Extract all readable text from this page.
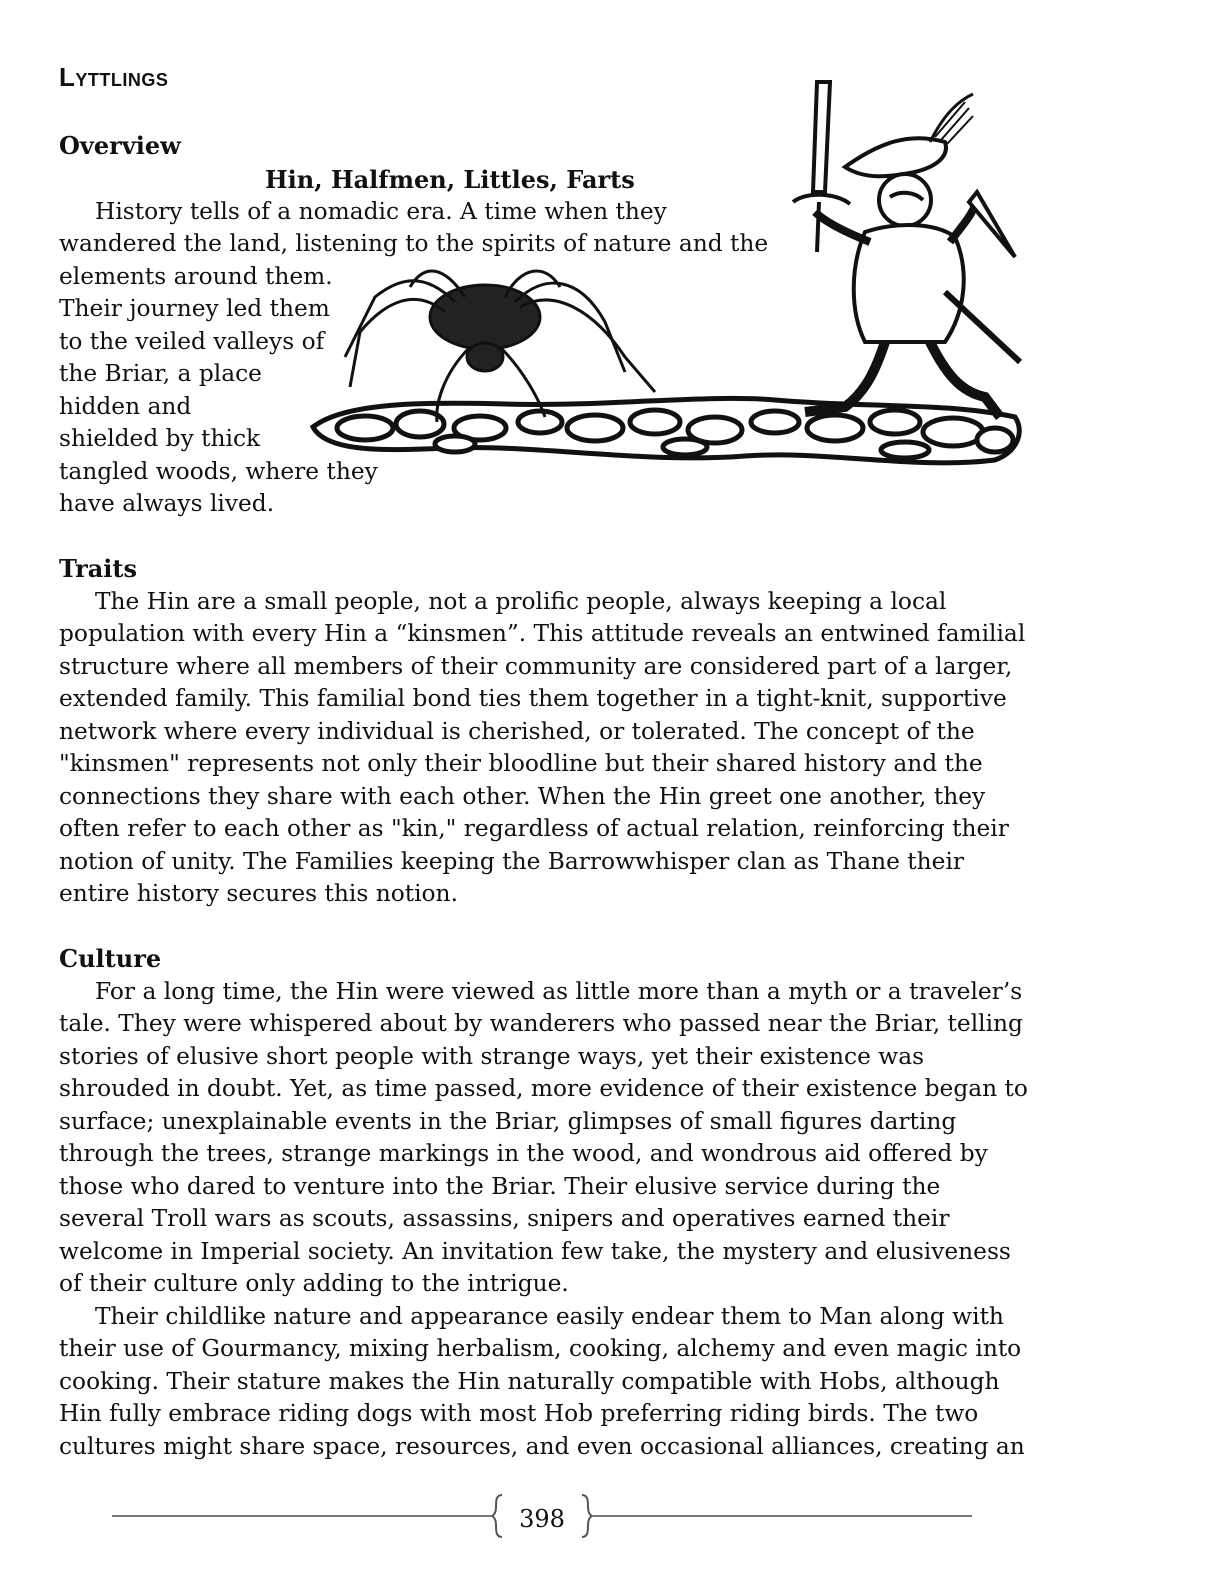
Lyttlings
Overview

Hin, Halfmen, Littles, Farts

History tells of a nomadic era. A time when they

wandered the land, listening to the spirits of nature and the

elements around them.

Their journey led them

to the veiled valleys of

the Briar, a place

hidden and

shielded by thick

tangled woods, where they

have always lived.

Traits

The Hin are a small people, not a prolific people, always keeping a local

population with every Hin a “kinsmen”. This attitude reveals an entwined familial

structure where all members of their community are considered part of a larger,

extended family. This familial bond ties them together in a tight-knit, supportive

network where every individual is cherished, or tolerated. The concept of the

"kinsmen" represents not only their bloodline but their shared history and the

connections they share with each other. When the Hin greet one another, they

often refer to each other as "kin," regardless of actual relation, reinforcing their

notion of unity. The Families keeping the Barrowwhisper clan as Thane their

entire history secures this notion.

Culture

For a long time, the Hin were viewed as little more than a myth or a traveler’s

tale. They were whispered about by wanderers who passed near the Briar, telling

stories of elusive short people with strange ways, yet their existence was

shrouded in doubt. Yet, as time passed, more evidence of their existence began to

surface; unexplainable events in the Briar, glimpses of small figures darting

through the trees, strange markings in the wood, and wondrous aid offered by

those who dared to venture into the Briar. Their elusive service during the

several Troll wars as scouts, assassins, snipers and operatives earned their

welcome in Imperial society. An invitation few take, the mystery and elusiveness

of their culture only adding to the intrigue.

Their childlike nature and appearance easily endear them to Man along with

their use of Gourmancy, mixing herbalism, cooking, alchemy and even magic into

cooking. Their stature makes the Hin naturally compatible with Hobs, although

Hin fully embrace riding dogs with most Hob preferring riding birds. The two

cultures might share space, resources, and even occasional alliances, creating an

398
